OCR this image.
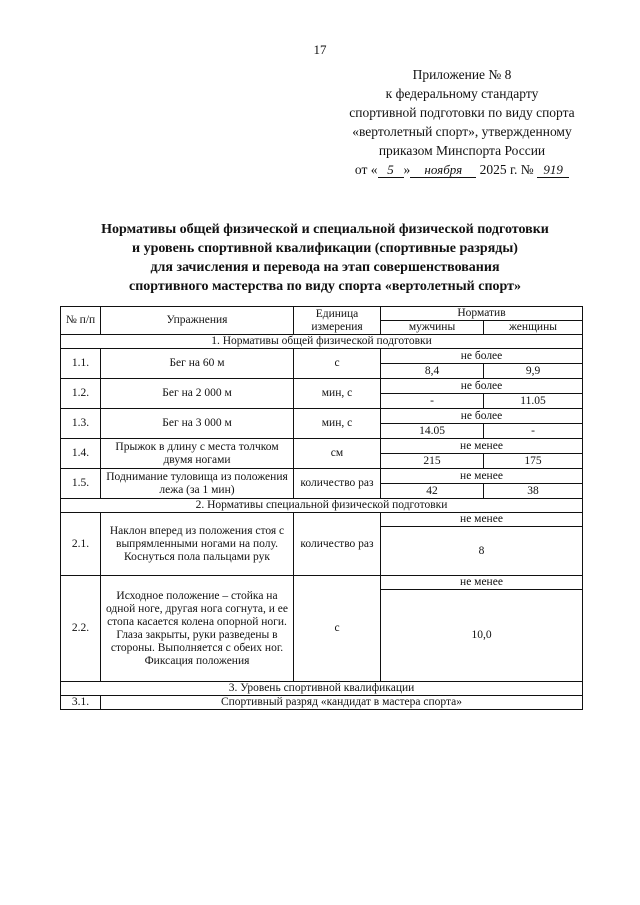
17
Приложение № 8
к федеральному стандарту
спортивной подготовки по виду спорта
«вертолетный спорт», утвержденному
приказом Минспорта России
от « 5 » ноября 2025 г. № 919
Нормативы общей физической и специальной физической подготовки
и уровень спортивной квалификации (спортивные разряды)
для зачисления и перевода на этап совершенствования
спортивного мастерства по виду спорта «вертолетный спорт»
№ п/п	Упражнения	Единица измерения	Норматив	
			мужчины	женщины
1. Нормативы общей физической подготовки				
1.1.	Бег на 60 м	с	не более	
			8,4	9,9
1.2.	Бег на 2 000 м	мин, с	не более	
			-	11.05
1.3.	Бег на 3 000 м	мин, с	не более	
			14.05	-
1.4.	Прыжок в длину с места толчком двумя ногами	см	не менее	
			215	175
1.5.	Поднимание туловища из положения лежа (за 1 мин)	количество раз	не менее	
			42	38
2. Нормативы специальной физической подготовки				
2.1.	Наклон вперед из положения стоя с выпрямленными ногами на полу. Коснуться пола пальцами рук	количество раз	не менее	
			8	
2.2.	Исходное положение – стойка на одной ноге, другая нога согнута, и ее стопа касается колена опорной ноги. Глаза закрыты, руки разведены в стороны. Выполняется с обеих ног. Фиксация положения	с	не менее	
			10,0	
3. Уровень спортивной квалификации				
3.1.	Спортивный разряд «кандидат в мастера спорта»			
